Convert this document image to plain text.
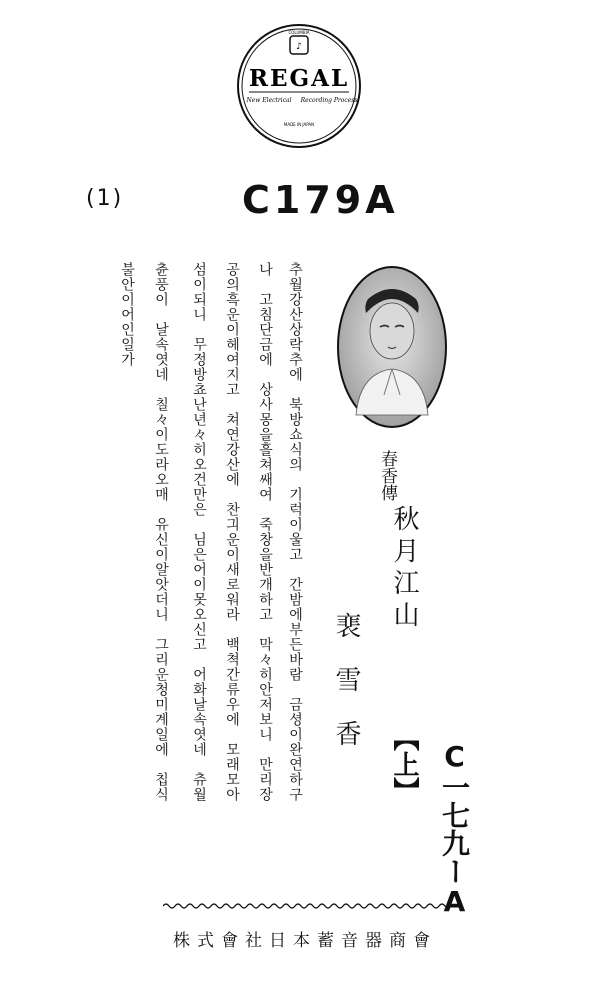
♪
COLUMBIA
REGAL
New Electrical Recording Process
MADE IN JAPAN
(1)	C179A
春香傳
秋月江山
【上】
裵雪香
C一七九ーA
추월강산상락추에　북방쇼식의　기럭이울고　간밤에부든바람　금셩이완연하구
나　고침단금에　상사몽을흘쳐쌔여　죽창을반개하고　막々히안저보니　만리장
공의흑운이헤여지고　쳐연강산에　찬긔운이새로워라　백쳑간류우에　모래모아
섬이되니　무정방쵸난년々히오건만은　님은어이못오신고　어화날속엿네　츄월
츈풍이　날속엿네　칠々이도라오매　유신이알앗더니　그리운청미계일에　칩식
불안이어인일가
株式會社日本蓄音器商會
